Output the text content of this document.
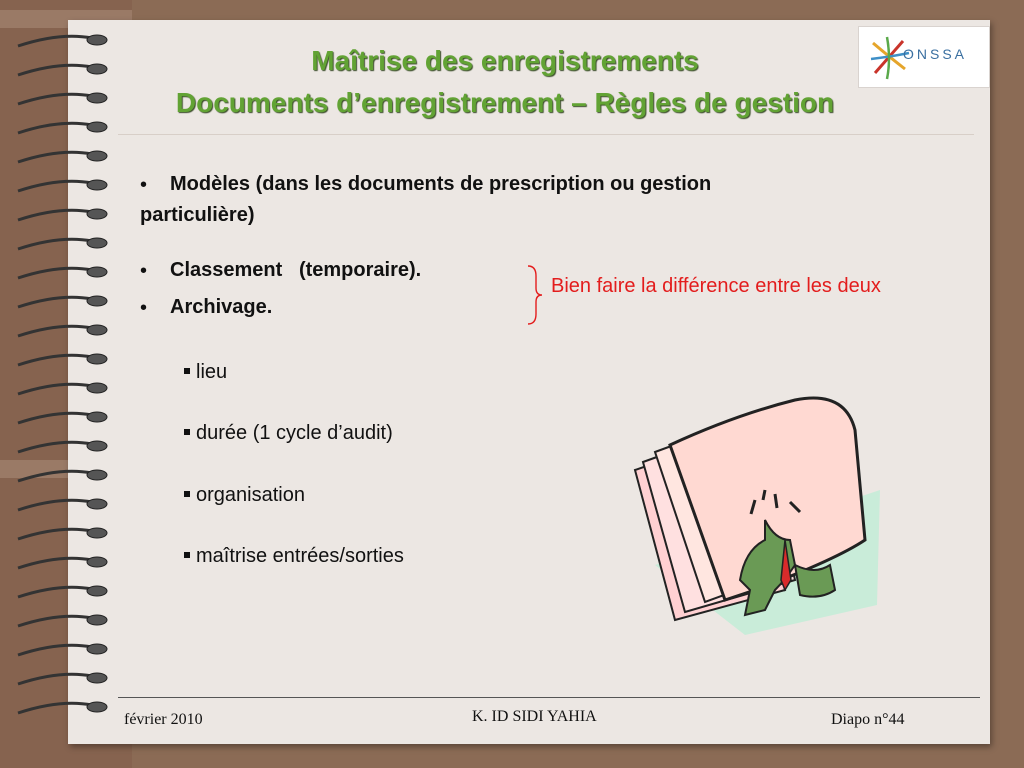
Maîtrise des enregistrements
Documents d’enregistrement – Règles de gestion
ONSSA
• Modèles (dans les documents de prescription ou gestion
particulière)
• Classement   (temporaire).
• Archivage.
Bien faire la différence entre les deux
lieu
durée (1 cycle d’audit)
organisation
maîtrise entrées/sorties
février 2010	K. ID SIDI YAHIA	Diapo n°44
